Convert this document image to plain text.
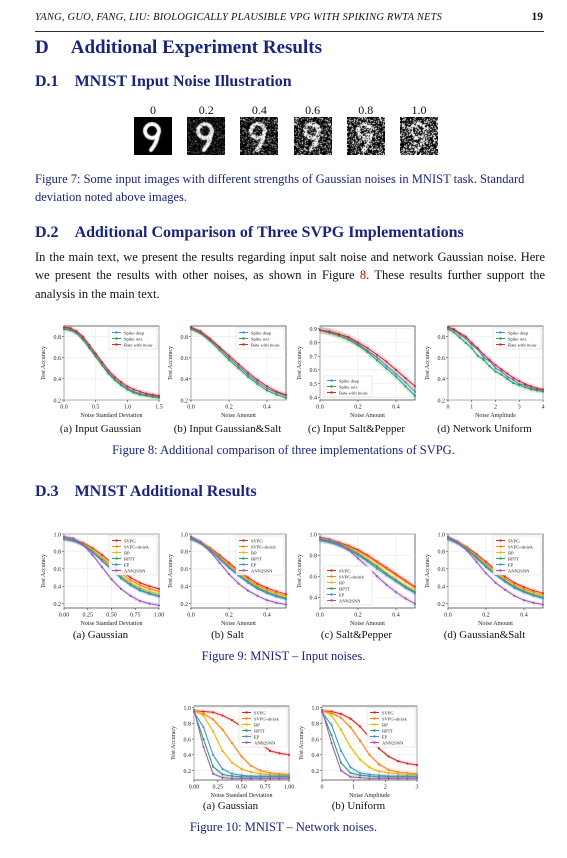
YANG, GUO, FANG, LIU: BIOLOGICALLY PLAUSIBLE VPG WITH SPIKING RWTA NETS	19
D Additional Experiment Results
D.1 MNIST Input Noise Illustration
0	0.2	0.4	0.6	0.8	1.0
Figure 7: Some input images with different strengths of Gaussian noises in MNIST task. Standard deviation noted above images.
D.2 Additional Comparison of Three SVPG Implementations

In the main text, we present the results regarding input salt noise and network Gaussian noise. Here we present the results with other noises, as shown in Figure 8. These results further support the analysis in the main text.

0.2
0.4
0.6
0.8
0.0	0.5	1.0	1.5
Noise Standard Deviation
Test Accuracy
Spike deep
Spike rect
Rate with noise
(a) Input Gaussian
0.2
0.4
0.6
0.8
0.0	0.2	0.4
Noise Amount
Test Accuracy
Spike deep
Spike rect
Rate with noise
(b) Input Gaussian&Salt
0.4
0.5
0.6
0.7
0.8
0.9
0.0	0.2	0.4
Noise Amount
Test Accuracy
Spike deep
Spike rect
Rate with noise
(c) Input Salt&Pepper
0.2
0.4
0.6
0.8
0	1	2	3	4
Noise Amplitude
Test Accuracy
Spike deep
Spike rect
Rate with noise
(d) Network Uniform
0.2
0.4
0.6
0.8
1.0
0.00 0.25 0.50 0.75 1.00
Noise Standard Deviation
Test Accuracy
SVPG
SVPG-shrink
BP
BPTT
EP
ANN2SNN
(a) Gaussian
0.2
0.4
0.6
0.8
1.0
0.0	0.2	0.4
Noise Amount
Test Accuracy
SVPG
SVPG-shrink
BP
BPTT
EP
ANN2SNN
(b) Salt
0.4
0.6
0.8
1.0
0.0	0.2	0.4
Noise Amount
Test Accuracy	SVPG
SVPG-shrink
BP
BPTT
EP
ANN2SNN
(c) Salt&Pepper
0.2
0.4
0.6
0.8
1.0
0.0	0.2	0.4
Noise Amount
Test Accuracy
SVPG
SVPG-shrink
BP
BPTT
EP
ANN2SNN
(d) Gaussian&Salt
0.2
0.4
0.6
0.8
1.0
0.00 0.25 0.50 0.75 1.00
Noise Standard Deviation
Test Accuracy
SVPG
SVPG-shrink
BP
BPTT
EP
ANN2SNN
(a) Gaussian
0.2
0.4
0.6
0.8
1.0
0	1	2	3
Noise Amplitude
Test Accuracy
SVPG
SVPG-shrink
BP
BPTT
EP
ANN2SNN
(b) Uniform
Figure 8: Additional comparison of three implementations of SVPG.
D.3 MNIST Additional Results
Figure 9: MNIST – Input noises.
Figure 10: MNIST – Network noises.
